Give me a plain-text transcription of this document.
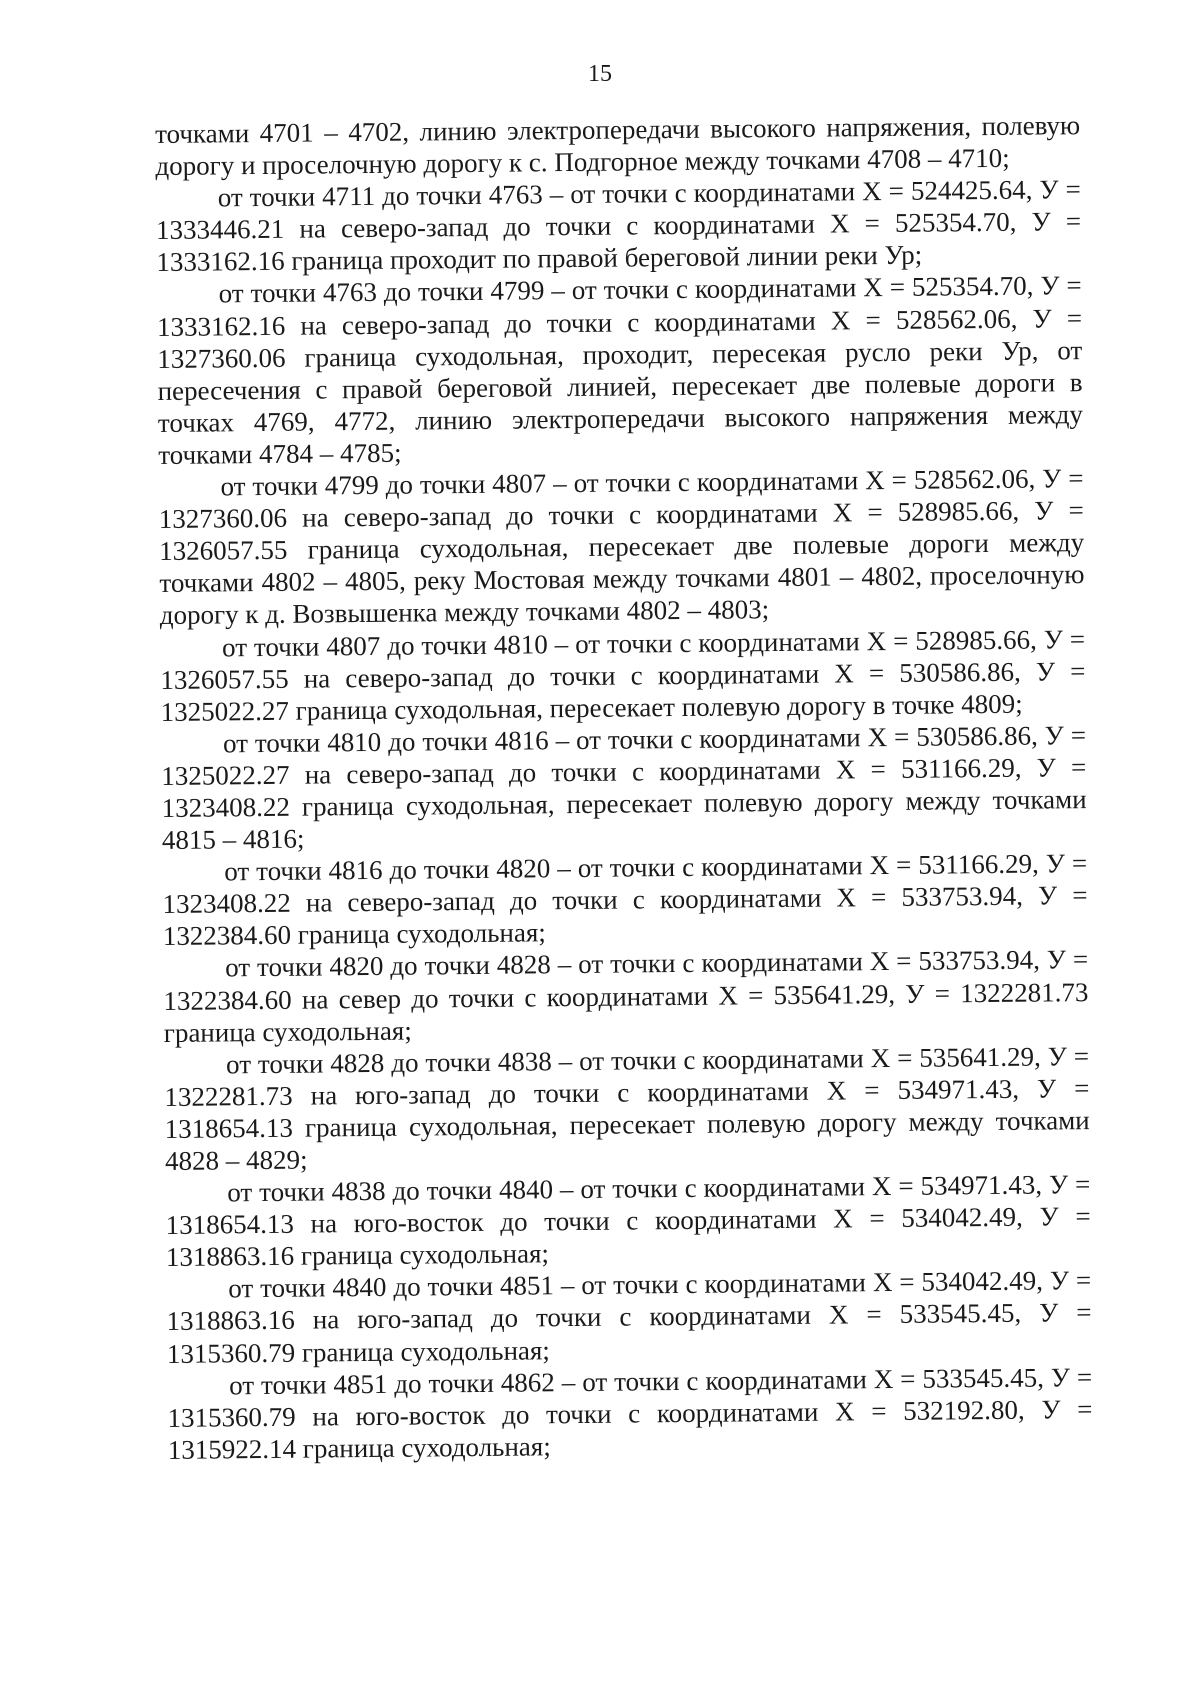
15

точками 4701 – 4702, линию электропередачи высокого напряжения, полевую дорогу и проселочную дорогу к с. Подгорное между точками 4708 – 4710;

от точки 4711 до точки 4763 – от точки с координатами X = 524425.64, У = 1333446.21 на северо-запад до точки с координатами X = 525354.70, У = 1333162.16 граница проходит по правой береговой линии реки Ур;

от точки 4763 до точки 4799 – от точки с координатами X = 525354.70, У = 1333162.16 на северо-запад до точки с координатами X = 528562.06, У = 1327360.06 граница суходольная, проходит, пересекая русло реки Ур, от пересечения с правой береговой линией, пересекает две полевые дороги в точках 4769, 4772, линию электропередачи высокого напряжения между точками 4784 – 4785;

от точки 4799 до точки 4807 – от точки с координатами X = 528562.06, У = 1327360.06 на северо-запад до точки с координатами X = 528985.66, У = 1326057.55 граница суходольная, пересекает две полевые дороги между точками 4802 – 4805, реку Мостовая между точками 4801 – 4802, проселочную дорогу к д. Возвышенка между точками 4802 – 4803;

от точки 4807 до точки 4810 – от точки с координатами X = 528985.66, У = 1326057.55 на северо-запад до точки с координатами X = 530586.86, У = 1325022.27 граница суходольная, пересекает полевую дорогу в точке 4809;

от точки 4810 до точки 4816 – от точки с координатами X = 530586.86, У = 1325022.27 на северо-запад до точки с координатами X = 531166.29, У = 1323408.22 граница суходольная, пересекает полевую дорогу между точками 4815 – 4816;

от точки 4816 до точки 4820 – от точки с координатами X = 531166.29, У = 1323408.22 на северо-запад до точки с координатами X = 533753.94, У = 1322384.60 граница суходольная;

от точки 4820 до точки 4828 – от точки с координатами X = 533753.94, У = 1322384.60 на север до точки с координатами X = 535641.29, У = 1322281.73 граница суходольная;

от точки 4828 до точки 4838 – от точки с координатами X = 535641.29, У = 1322281.73 на юго-запад до точки с координатами X = 534971.43, У = 1318654.13 граница суходольная, пересекает полевую дорогу между точками 4828 – 4829;

от точки 4838 до точки 4840 – от точки с координатами X = 534971.43, У = 1318654.13 на юго-восток до точки с координатами X = 534042.49, У = 1318863.16 граница суходольная;

от точки 4840 до точки 4851 – от точки с координатами X = 534042.49, У = 1318863.16 на юго-запад до точки с координатами X = 533545.45, У = 1315360.79 граница суходольная;

от точки 4851 до точки 4862 – от точки с координатами X = 533545.45, У = 1315360.79 на юго-восток до точки с координатами X = 532192.80, У = 1315922.14 граница суходольная;
